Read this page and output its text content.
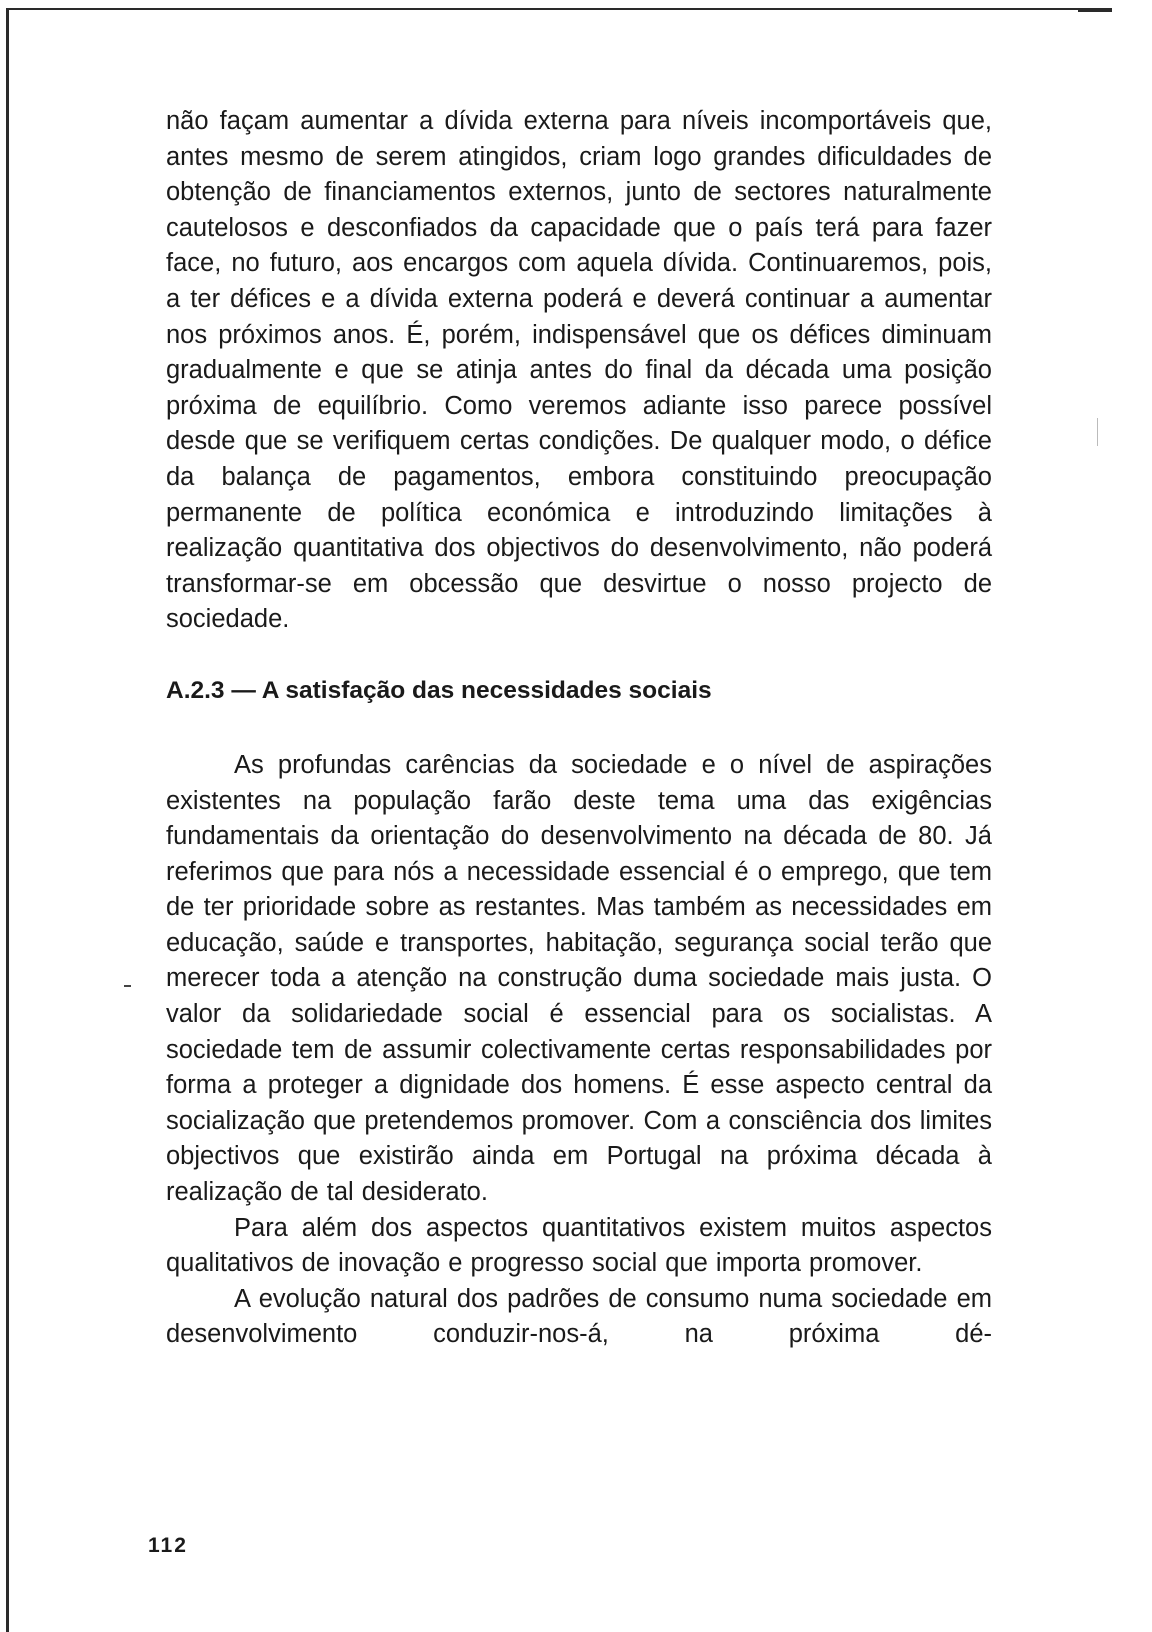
não façam aumentar a dívida externa para níveis incomportáveis que, antes mesmo de serem atingidos, criam logo grandes dificuldades de obtenção de financiamentos externos, junto de sectores naturalmente cautelosos e desconfiados da capacidade que o país terá para fazer face, no futuro, aos encargos com aquela dívida. Continuaremos, pois, a ter défices e a dívida externa poderá e deverá continuar a aumentar nos próximos anos. É, porém, indispensável que os défices diminuam gradualmente e que se atinja antes do final da década uma posição próxima de equilíbrio. Como veremos adiante isso parece possível desde que se verifiquem certas condições. De qualquer modo, o défice da balança de pagamentos, embora constituindo preocupação permanente de política económica e introduzindo limitações à realização quantitativa dos objectivos do desenvolvimento, não poderá transformar-se em obcessão que desvirtue o nosso projecto de sociedade.

A.2.3 — A satisfação das necessidades sociais

As profundas carências da sociedade e o nível de aspirações existentes na população farão deste tema uma das exigências fundamentais da orientação do desenvolvimento na década de 80. Já referimos que para nós a necessidade essencial é o emprego, que tem de ter prioridade sobre as restantes. Mas também as necessidades em educação, saúde e transportes, habitação, segurança social terão que merecer toda a atenção na construção duma sociedade mais justa. O valor da solidariedade social é essencial para os socialistas. A sociedade tem de assumir colectivamente certas responsabilidades por forma a proteger a dignidade dos homens. É esse aspecto central da socialização que pretendemos promover. Com a consciência dos limites objectivos que existirão ainda em Portugal na próxima década à realização de tal desiderato.

Para além dos aspectos quantitativos existem muitos aspectos qualitativos de inovação e progresso social que importa promover.

A evolução natural dos padrões de consumo numa sociedade em desenvolvimento conduzir-nos-á, na próxima dé-

112
